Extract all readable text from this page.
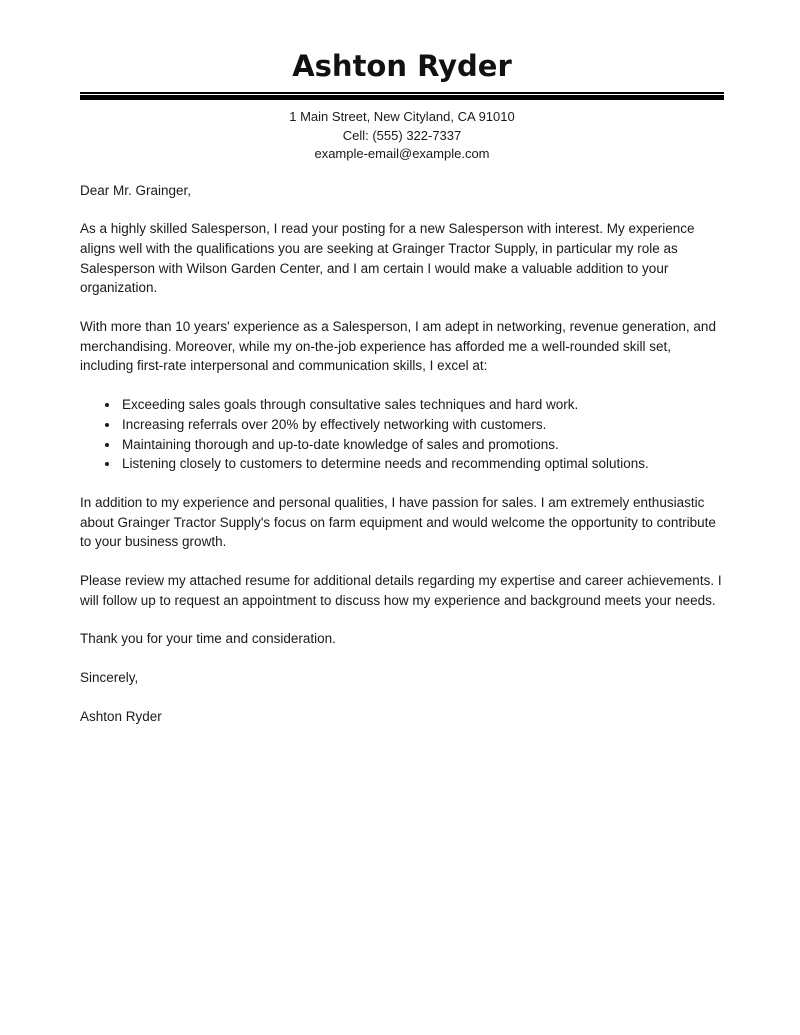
Ashton Ryder
1 Main Street, New Cityland, CA 91010
Cell: (555) 322-7337
example-email@example.com

Dear Mr. Grainger,

As a highly skilled Salesperson, I read your posting for a new Salesperson with interest. My experience aligns well with the qualifications you are seeking at Grainger Tractor Supply, in particular my role as Salesperson with Wilson Garden Center, and I am certain I would make a valuable addition to your organization.

With more than 10 years' experience as a Salesperson, I am adept in networking, revenue generation, and merchandising. Moreover, while my on-the-job experience has afforded me a well-rounded skill set, including first-rate interpersonal and communication skills, I excel at:

• Exceeding sales goals through consultative sales techniques and hard work.
• Increasing referrals over 20% by effectively networking with customers.
• Maintaining thorough and up-to-date knowledge of sales and promotions.
• Listening closely to customers to determine needs and recommending optimal solutions.

In addition to my experience and personal qualities, I have passion for sales. I am extremely enthusiastic about Grainger Tractor Supply's focus on farm equipment and would welcome the opportunity to contribute to your business growth.

Please review my attached resume for additional details regarding my expertise and career achievements. I will follow up to request an appointment to discuss how my experience and background meets your needs.

Thank you for your time and consideration.

Sincerely,

Ashton Ryder
